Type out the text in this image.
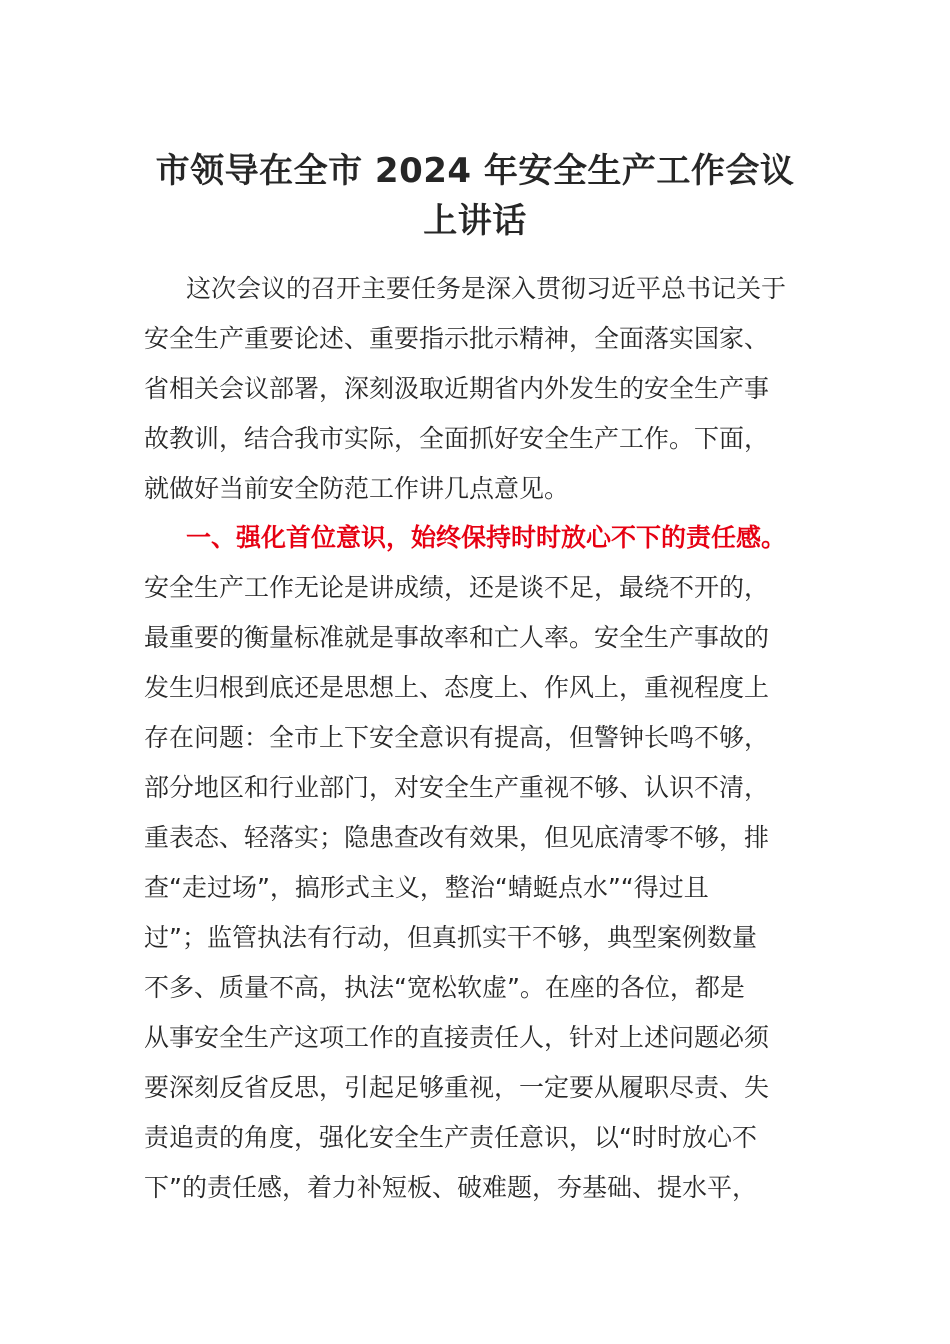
市领导在全市 2024 年安全生产工作会议
上讲话
这次会议的召开主要任务是深入贯彻习近平总书记关于
安全生产重要论述、重要指示批示精神，全面落实国家、
省相关会议部署，深刻汲取近期省内外发生的安全生产事
故教训，结合我市实际，全面抓好安全生产工作。下面，
就做好当前安全防范工作讲几点意见。
一、强化首位意识，始终保持时时放心不下的责任感。
安全生产工作无论是讲成绩，还是谈不足，最绕不开的，
最重要的衡量标准就是事故率和亡人率。安全生产事故的
发生归根到底还是思想上、态度上、作风上，重视程度上
存在问题：全市上下安全意识有提高，但警钟长鸣不够，
部分地区和行业部门，对安全生产重视不够、认识不清，
重表态、轻落实；隐患查改有效果，但见底清零不够，排
查“走过场”，搞形式主义，整治“蜻蜓点水”“得过且
过”；监管执法有行动，但真抓实干不够，典型案例数量
不多、质量不高，执法“宽松软虚”。在座的各位，都是
从事安全生产这项工作的直接责任人，针对上述问题必须
要深刻反省反思，引起足够重视，一定要从履职尽责、失
责追责的角度，强化安全生产责任意识，以“时时放心不
下”的责任感，着力补短板、破难题，夯基础、提水平，
